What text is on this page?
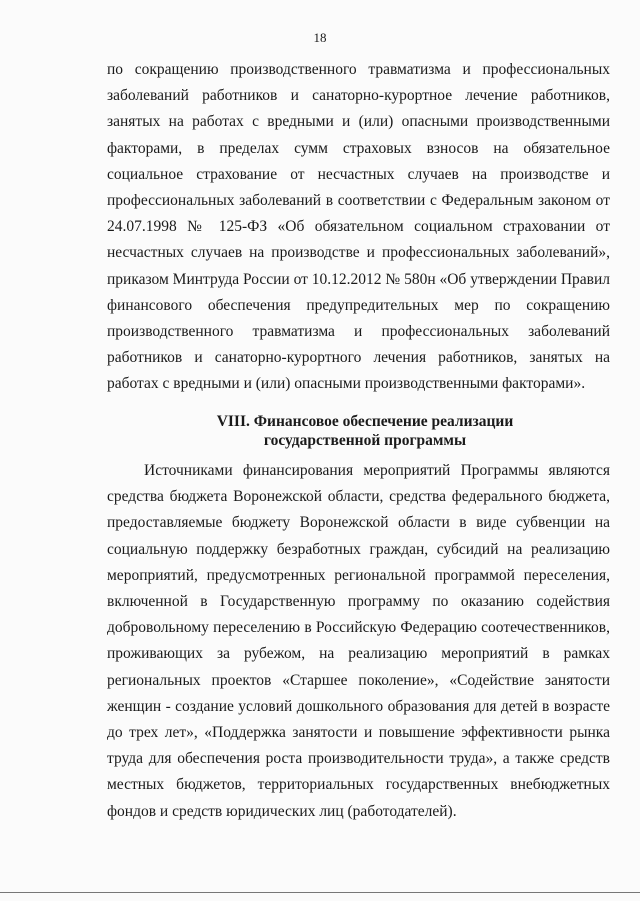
18

по сокращению производственного травматизма и профессиональных заболеваний работников и санаторно-курортное лечение работников, занятых на работах с вредными и (или) опасными производственными факторами, в пределах сумм страховых взносов на обязательное социальное страхование от несчастных случаев на производстве и профессиональных заболеваний в соответствии с Федеральным законом от 24.07.1998 № 125-ФЗ «Об обязательном социальном страховании от несчастных случаев на производстве и профессиональных заболеваний», приказом Минтруда России от 10.12.2012 № 580н «Об утверждении Правил финансового обеспечения предупредительных мер по сокращению производственного травматизма и профессиональных заболеваний работников и санаторно-курортного лечения работников, занятых на работах с вредными и (или) опасными производственными факторами».

VIII. Финансовое обеспечение реализации
государственной программы

Источниками финансирования мероприятий Программы являются средства бюджета Воронежской области, средства федерального бюджета, предоставляемые бюджету Воронежской области в виде субвенции на социальную поддержку безработных граждан, субсидий на реализацию мероприятий, предусмотренных региональной программой переселения, включенной в Государственную программу по оказанию содействия добровольному переселению в Российскую Федерацию соотечественников, проживающих за рубежом, на реализацию мероприятий в рамках региональных проектов «Старшее поколение», «Содействие занятости женщин - создание условий дошкольного образования для детей в возрасте до трех лет», «Поддержка занятости и повышение эффективности рынка труда для обеспечения роста производительности труда», а также средств местных бюджетов, территориальных государственных внебюджетных фондов и средств юридических лиц (работодателей).
